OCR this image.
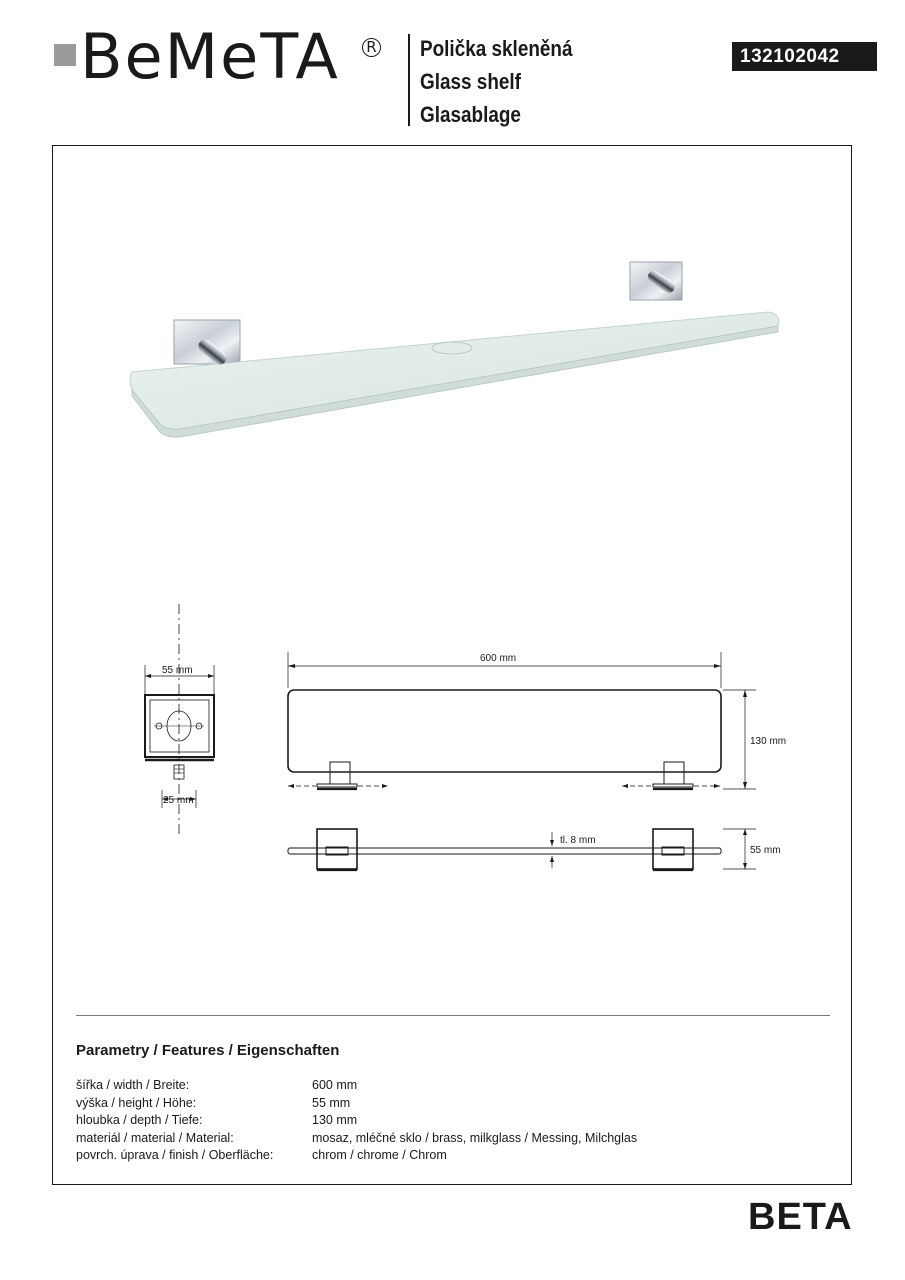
BeMeTA R Polička skleněná
Glass shelf
Glasablage
132102042
55 mm
25 mm
600 mm
130 mm
tl. 8 mm
55 mm
Parametry / Features / Eigenschaften
šířka / width / Breite:	600 mm
výška / height / Höhe:	55 mm
hloubka / depth / Tiefe:	130 mm
materiál / material / Material:	mosaz, mléčné sklo / brass, milkglass / Messing, Milchglas
povrch. úprava / finish / Oberfläche:	chrom / chrome / Chrom
BETA
